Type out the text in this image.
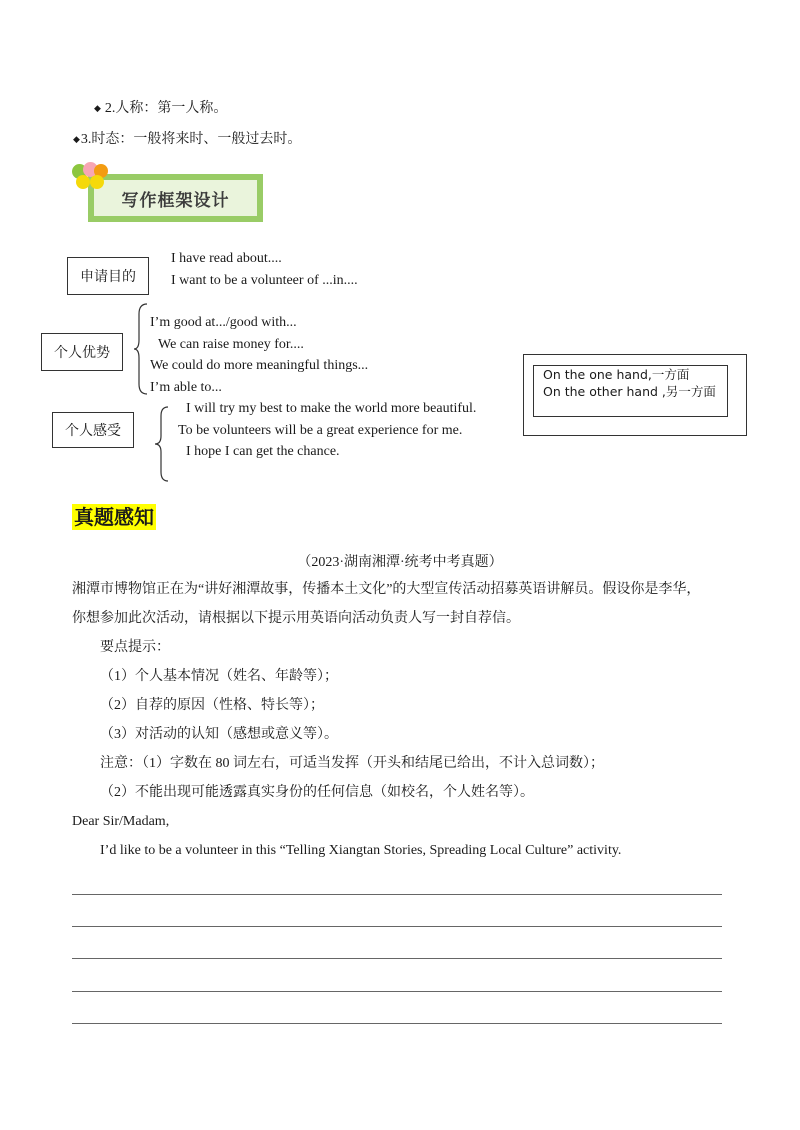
◆ 2.人称：第一人称。
◆3.时态：一般将来时、一般过去时。
写作框架设计
申请目的
I have read about....
I want to be a volunteer of ...in....
个人优势
I’m good at.../good with...
We can raise money for....
We could do more meaningful things...
I’m able to...
个人感受
I will try my best to make the world more beautiful.
To be volunteers will be a great experience for me.
I hope I can get the chance.
On the one hand,一方面
On the other hand ,另一方面
真题感知
（2023·湖南湘潭·统考中考真题）
湘潭市博物馆正在为“讲好湘潭故事，传播本土文化”的大型宣传活动招募英语讲解员。假设你是李华，
你想参加此次活动，请根据以下提示用英语向活动负责人写一封自荐信。
要点提示：
（1）个人基本情况（姓名、年龄等）；
（2）自荐的原因（性格、特长等）；
（3）对活动的认知（感想或意义等）。
注意：（1）字数在 80 词左右，可适当发挥（开头和结尾已给出，不计入总词数）；
（2）不能出现可能透露真实身份的任何信息（如校名，个人姓名等）。
Dear Sir/Madam,
I’d like to be a volunteer in this “Telling Xiangtan Stories, Spreading Local Culture” activity.
